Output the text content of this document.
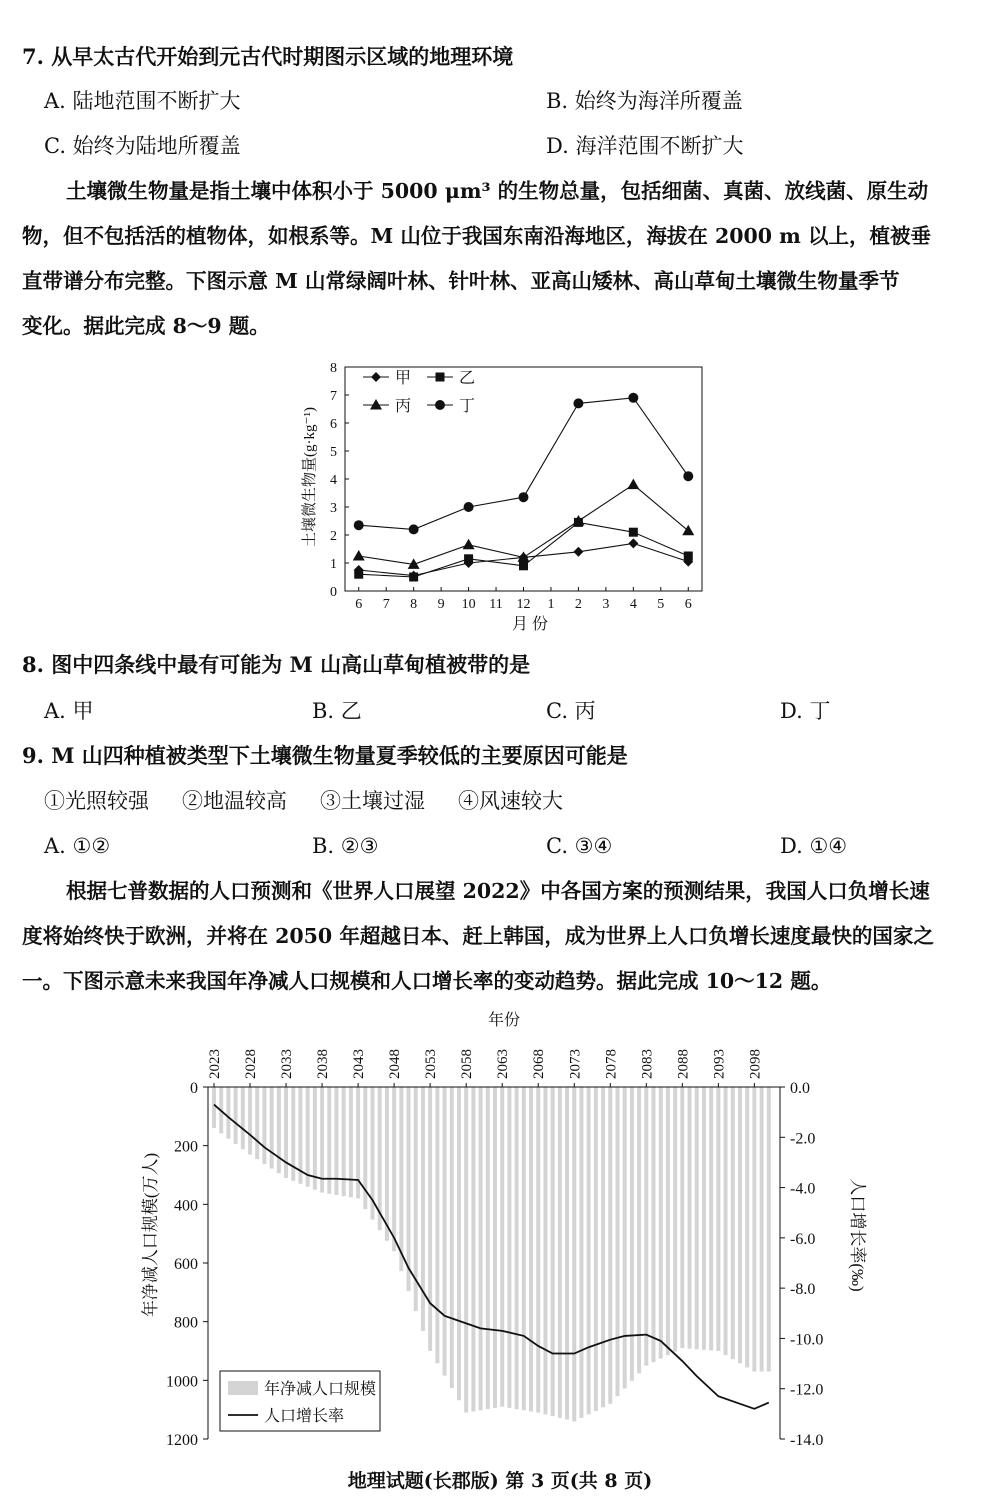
7. 从早太古代开始到元古代时期图示区域的地理环境
A. 陆地范围不断扩大	B. 始终为海洋所覆盖
C. 始终为陆地所覆盖	D. 海洋范围不断扩大

土壤微生物量是指土壤中体积小于 5000 μm³ 的生物总量，包括细菌、真菌、放线菌、原生动

物，但不包括活的植物体，如根系等。M 山位于我国东南沿海地区，海拔在 2000 m 以上，植被垂

直带谱分布完整。下图示意 M 山常绿阔叶林、针叶林、亚高山矮林、高山草甸土壤微生物量季节

变化。据此完成 8～9 题。

0
1
2
3
4
5
6
7
8
6 7 8 9 10 11 12 1 2 3 4 5 6
甲	乙
丙	丁
土壤微生物量(g·kg⁻¹)
月 份
8. 图中四条线中最有可能为 M 山高山草甸植被带的是
A. 甲	B. 乙	C. 丙	D. 丁
9. M 山四种植被类型下土壤微生物量夏季较低的主要原因可能是
①光照较强 ②地温较高 ③土壤过湿 ④风速较大
A. ①②	B. ②③	C. ③④	D. ①④

根据七普数据的人口预测和《世界人口展望 2022》中各国方案的预测结果，我国人口负增长速

度将始终快于欧洲，并将在 2050 年超越日本、赶上韩国，成为世界上人口负增长速度最快的国家之

一。下图示意未来我国年净减人口规模和人口增长率的变动趋势。据此完成 10～12 题。

0
200
400
600
800
1000
1200
0.0
-2.0
-4.0
-6.0
-8.0
-10.0
-12.0
-14.0
2023 2028 2033 2038 2043 2048 2053 2058 2063 2068 2073 2078 2083 2088 2093 2098
年净减人口规模
人口增长率
年份
年净减人口规模(万人)	人口增长率(‰)
地理试题(长郡版) 第 3 页(共 8 页)
